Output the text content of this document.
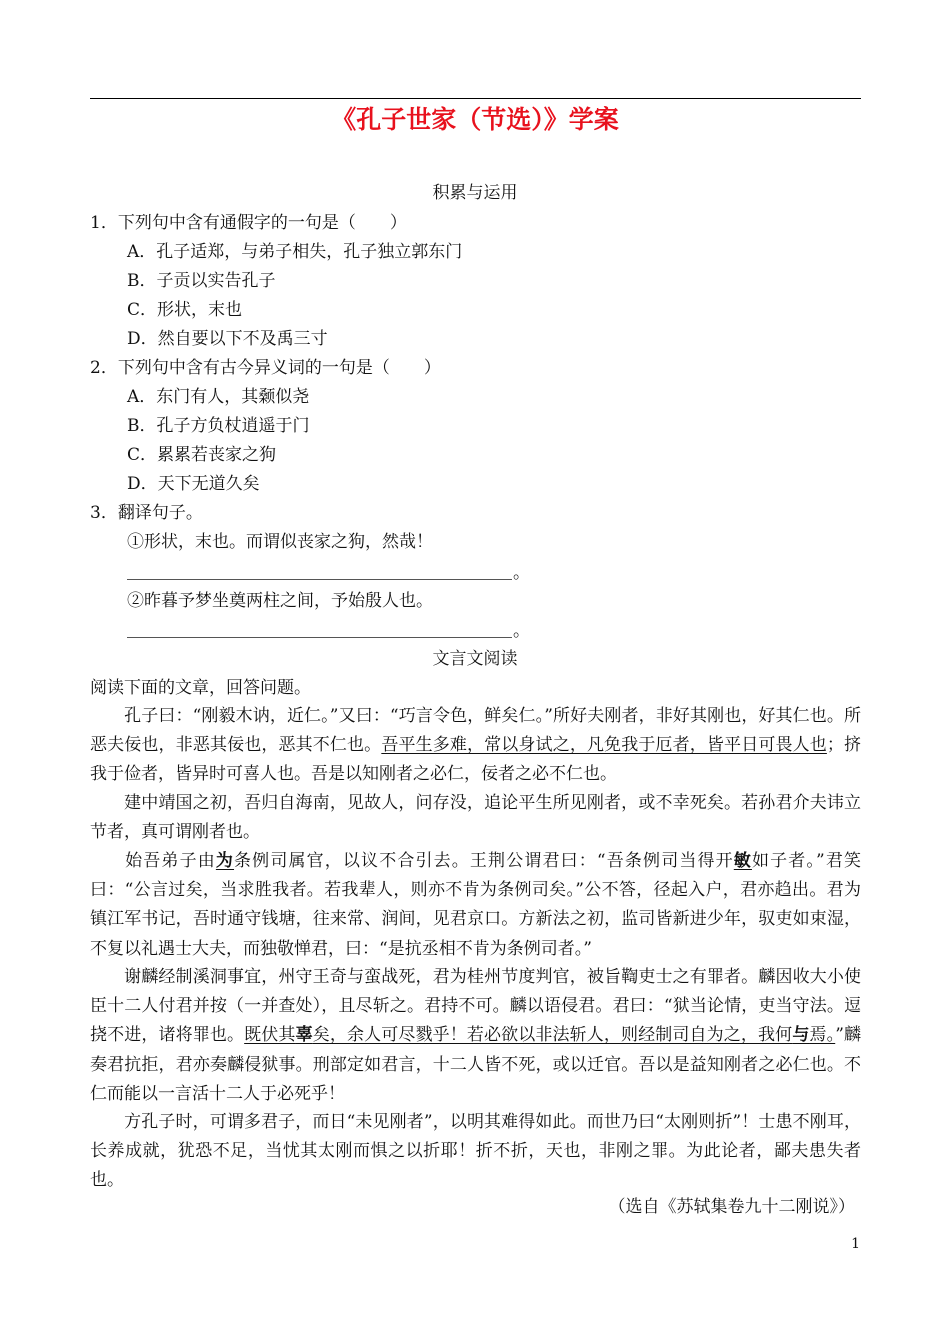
《孔子世家（节选）》学案
积累与运用
1．下列句中含有通假字的一句是（　　）
A．孔子适郑，与弟子相失，孔子独立郭东门
B．子贡以实告孔子
C．形状，末也
D．然自要以下不及禹三寸
2．下列句中含有古今异义词的一句是（　　）
A．东门有人，其颡似尧
B．孔子方负杖逍遥于门
C．累累若丧家之狗
D．天下无道久矣
3．翻译句子。
①形状，末也。而谓似丧家之狗，然哉！
。
②昨暮予梦坐奠两柱之间，予始殷人也。
。
文言文阅读
阅读下面的文章，回答问题。
孔子曰：“刚毅木讷，近仁。”又曰：“巧言令色，鲜矣仁。”所好夫刚者，非好其刚也，好其仁也。所恶夫佞也，非恶其佞也，恶其不仁也。吾平生多难，常以身试之，凡免我于厄者，皆平日可畏人也；挤我于俭者，皆异时可喜人也。吾是以知刚者之必仁，佞者之必不仁也。
建中靖国之初，吾归自海南，见故人，问存没，追论平生所见刚者，或不幸死矣。若孙君介夫讳立节者，真可谓刚者也。
始吾弟子由为条例司属官，以议不合引去。王荆公谓君曰：“吾条例司当得开敏如子者。”君笑曰：“公言过矣，当求胜我者。若我辈人，则亦不肯为条例司矣。”公不答，径起入户，君亦趋出。君为镇江军书记，吾时通守钱塘，往来常、润间，见君京口。方新法之初，监司皆新进少年，驭吏如束湿，不复以礼遇士大夫，而独敬惮君，曰：“是抗丞相不肯为条例司者。”
谢麟经制溪洞事宜，州守王奇与蛮战死，君为桂州节度判官，被旨鞫吏士之有罪者。麟因收大小使臣十二人付君并按（一并查处），且尽斩之。君持不可。麟以语侵君。君曰：“狱当论情，吏当守法。逗挠不进，诸将罪也。既伏其辜矣，余人可尽戮乎！若必欲以非法斩人，则经制司自为之，我何与焉。”麟奏君抗拒，君亦奏麟侵狱事。刑部定如君言，十二人皆不死，或以迁官。吾以是益知刚者之必仁也。不仁而能以一言活十二人于必死乎！
方孔子时，可谓多君子，而日“未见刚者”，以明其难得如此。而世乃曰“太刚则折”！士患不刚耳，长养成就，犹恐不足，当忧其太刚而惧之以折耶！折不折，天也，非刚之罪。为此论者，鄙夫患失者也。
（选自《苏轼集卷九十二刚说》）
1
